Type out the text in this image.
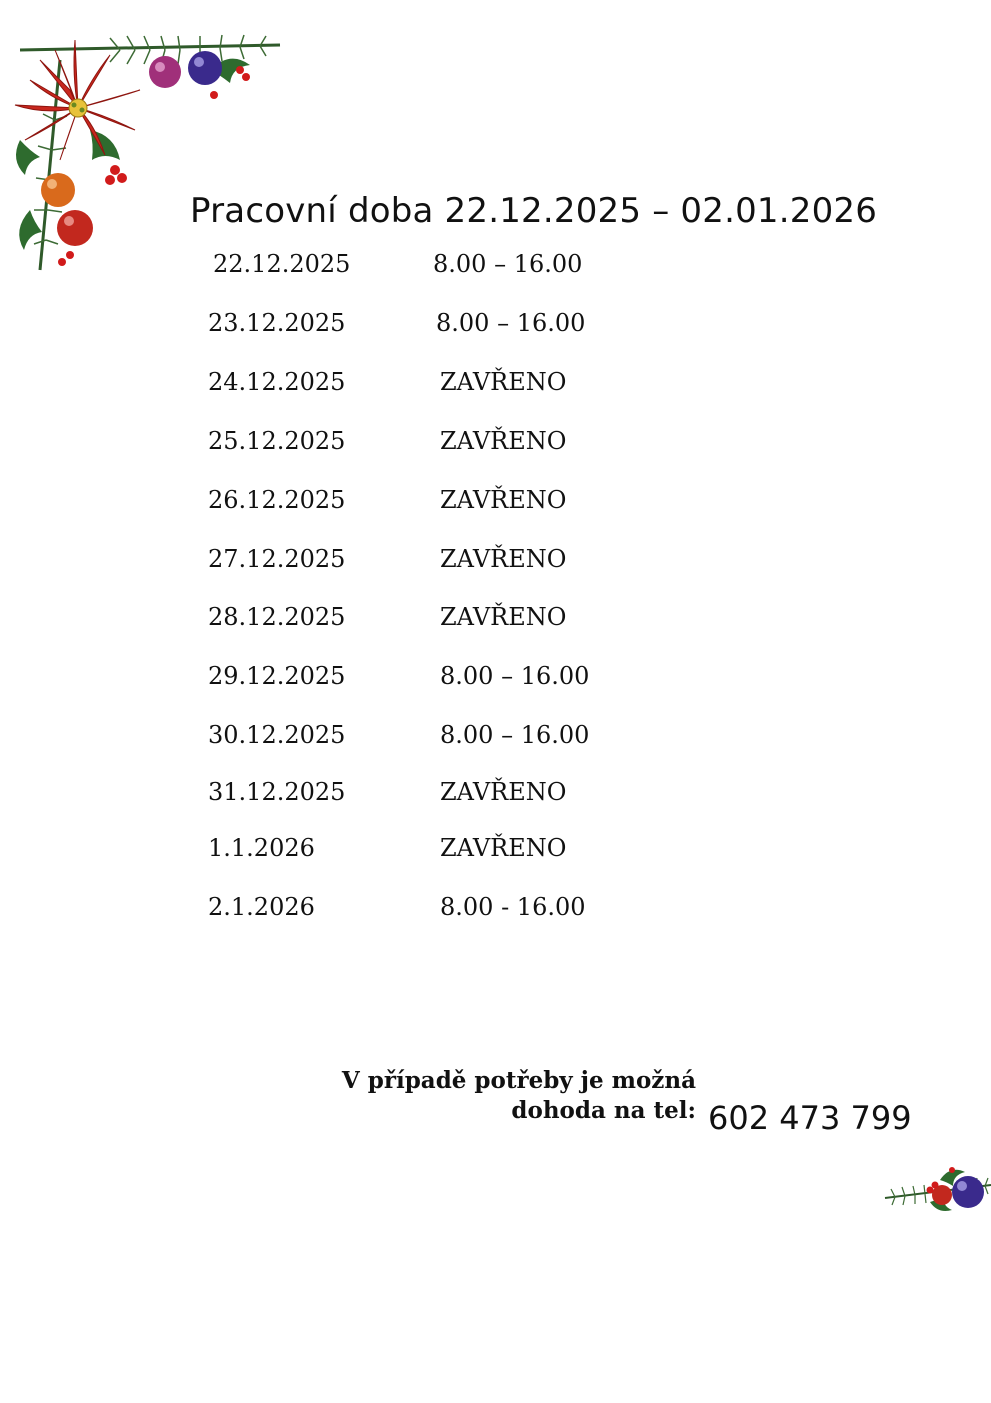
Pracovní doba 22.12.2025 – 02.01.2026
22.12.2025	8.00 – 16.00
23.12.2025	8.00 – 16.00
24.12.2025	ZAVŘENO
25.12.2025	ZAVŘENO
26.12.2025	ZAVŘENO
27.12.2025	ZAVŘENO
28.12.2025	ZAVŘENO
29.12.2025	8.00 – 16.00
30.12.2025	8.00 – 16.00
31.12.2025	ZAVŘENO
1.1.2026	ZAVŘENO
2.1.2026	8.00 - 16.00
V případě potřeby je možná
dohoda na tel: 602 473 799
